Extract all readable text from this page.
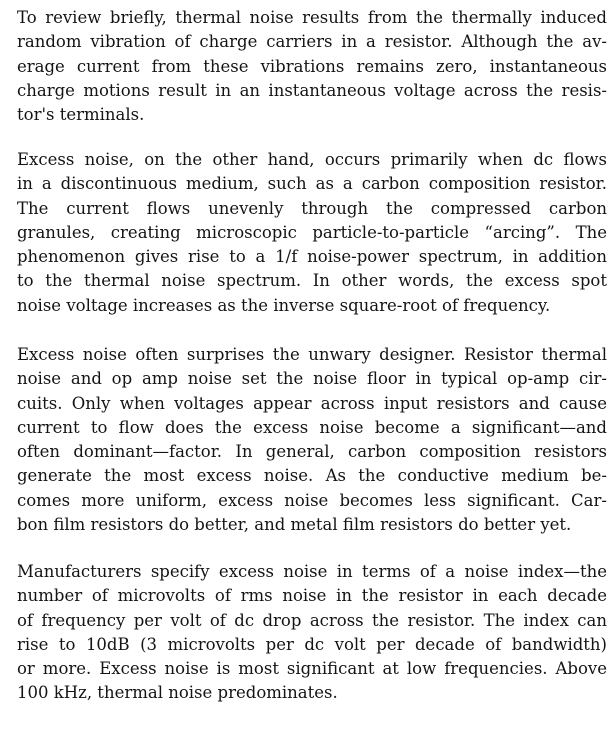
To review briefly, thermal noise results from the thermally induced
random vibration of charge carriers in a resistor. Although the av-
erage current from these vibrations remains zero, instantaneous
charge motions result in an instantaneous voltage across the resis-
tor's terminals.
Excess noise, on the other hand, occurs primarily when dc flows
in a discontinuous medium, such as a carbon composition resistor.
The current flows unevenly through the compressed carbon
granules, creating microscopic particle-to-particle “arcing”. The
phenomenon gives rise to a 1/f noise-power spectrum, in addition
to the thermal noise spectrum. In other words, the excess spot
noise voltage increases as the inverse square-root of frequency.
Excess noise often surprises the unwary designer. Resistor thermal
noise and op amp noise set the noise floor in typical op-amp cir-
cuits. Only when voltages appear across input resistors and cause
current to flow does the excess noise become a significant—and
often dominant—factor. In general, carbon composition resistors
generate the most excess noise. As the conductive medium be-
comes more uniform, excess noise becomes less significant. Car-
bon film resistors do better, and metal film resistors do better yet.
Manufacturers specify excess noise in terms of a noise index—the
number of microvolts of rms noise in the resistor in each decade
of frequency per volt of dc drop across the resistor. The index can
rise to 10dB (3 microvolts per dc volt per decade of bandwidth)
or more. Excess noise is most significant at low frequencies. Above
100 kHz, thermal noise predominates.
